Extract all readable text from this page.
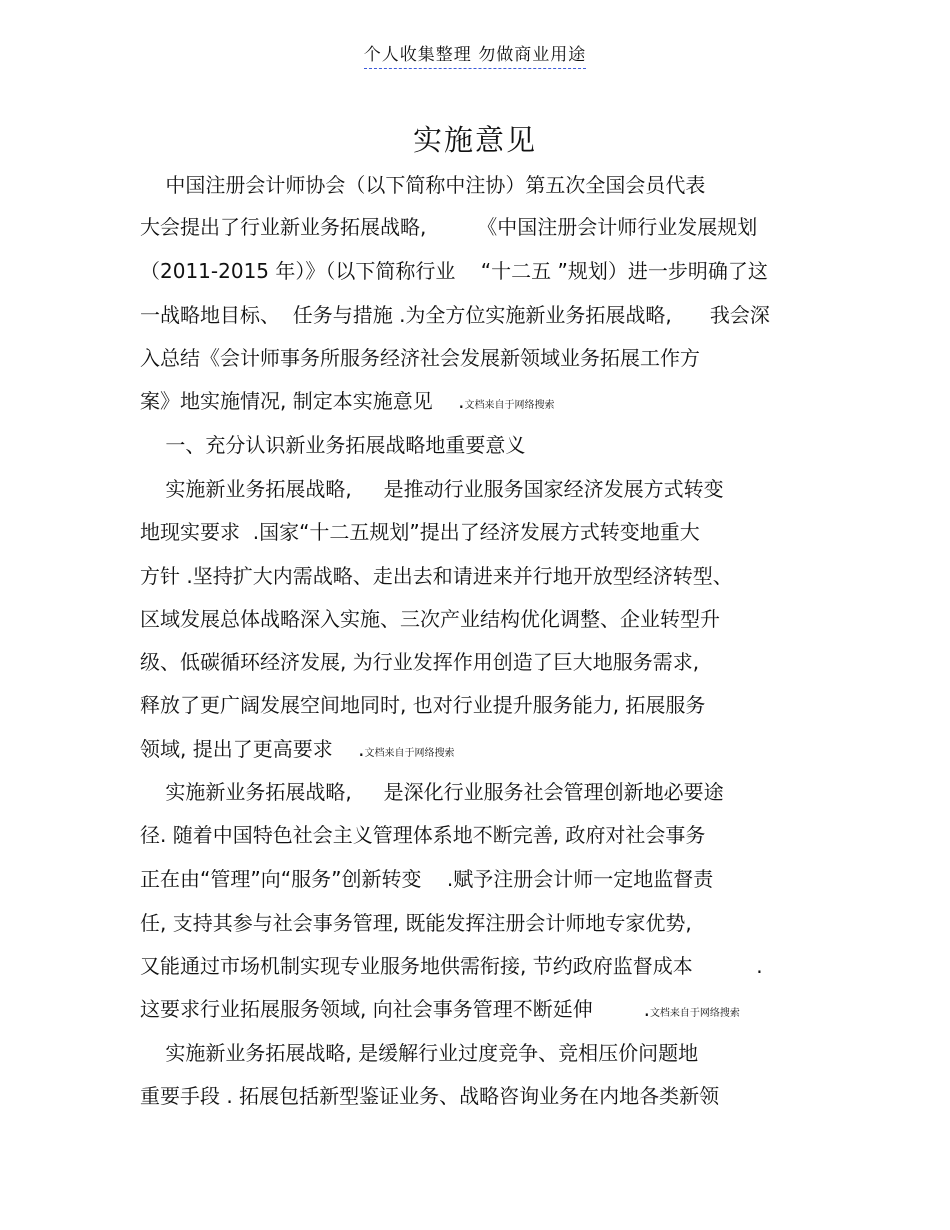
个人收集整理 勿做商业用途
实施意见
中国注册会计师协会（以下简称中注协）第五次全国会员代表
大会提出了行业新业务拓展战略,        《中国注册会计师行业发展规划
（2011-2015 年）》（以下简称行业    “十二五 ”规划）进一步明确了这
一战略地目标、  任务与措施 .为全方位实施新业务拓展战略,      我会深
入总结《会计师事务所服务经济社会发展新领域业务拓展工作方
案》地实施情况, 制定本实施意见    .文档来自于网络搜索
一、充分认识新业务拓展战略地重要意义
实施新业务拓展战略,     是推动行业服务国家经济发展方式转变
地现实要求  .国家“十二五规划”提出了经济发展方式转变地重大
方针 .坚持扩大内需战略、走出去和请进来并行地开放型经济转型、
区域发展总体战略深入实施、三次产业结构优化调整、企业转型升
级、低碳循环经济发展, 为行业发挥作用创造了巨大地服务需求,
释放了更广阔发展空间地同时, 也对行业提升服务能力, 拓展服务
领域, 提出了更高要求    .文档来自于网络搜索
实施新业务拓展战略,     是深化行业服务社会管理创新地必要途
径. 随着中国特色社会主义管理体系地不断完善, 政府对社会事务
正在由“管理”向“服务”创新转变    .赋予注册会计师一定地监督责
任, 支持其参与社会事务管理, 既能发挥注册会计师地专家优势,
又能通过市场机制实现专业服务地供需衔接, 节约政府监督成本          .
这要求行业拓展服务领域, 向社会事务管理不断延伸        .文档来自于网络搜索
实施新业务拓展战略, 是缓解行业过度竞争、竞相压价问题地
重要手段 . 拓展包括新型鉴证业务、战略咨询业务在内地各类新领
